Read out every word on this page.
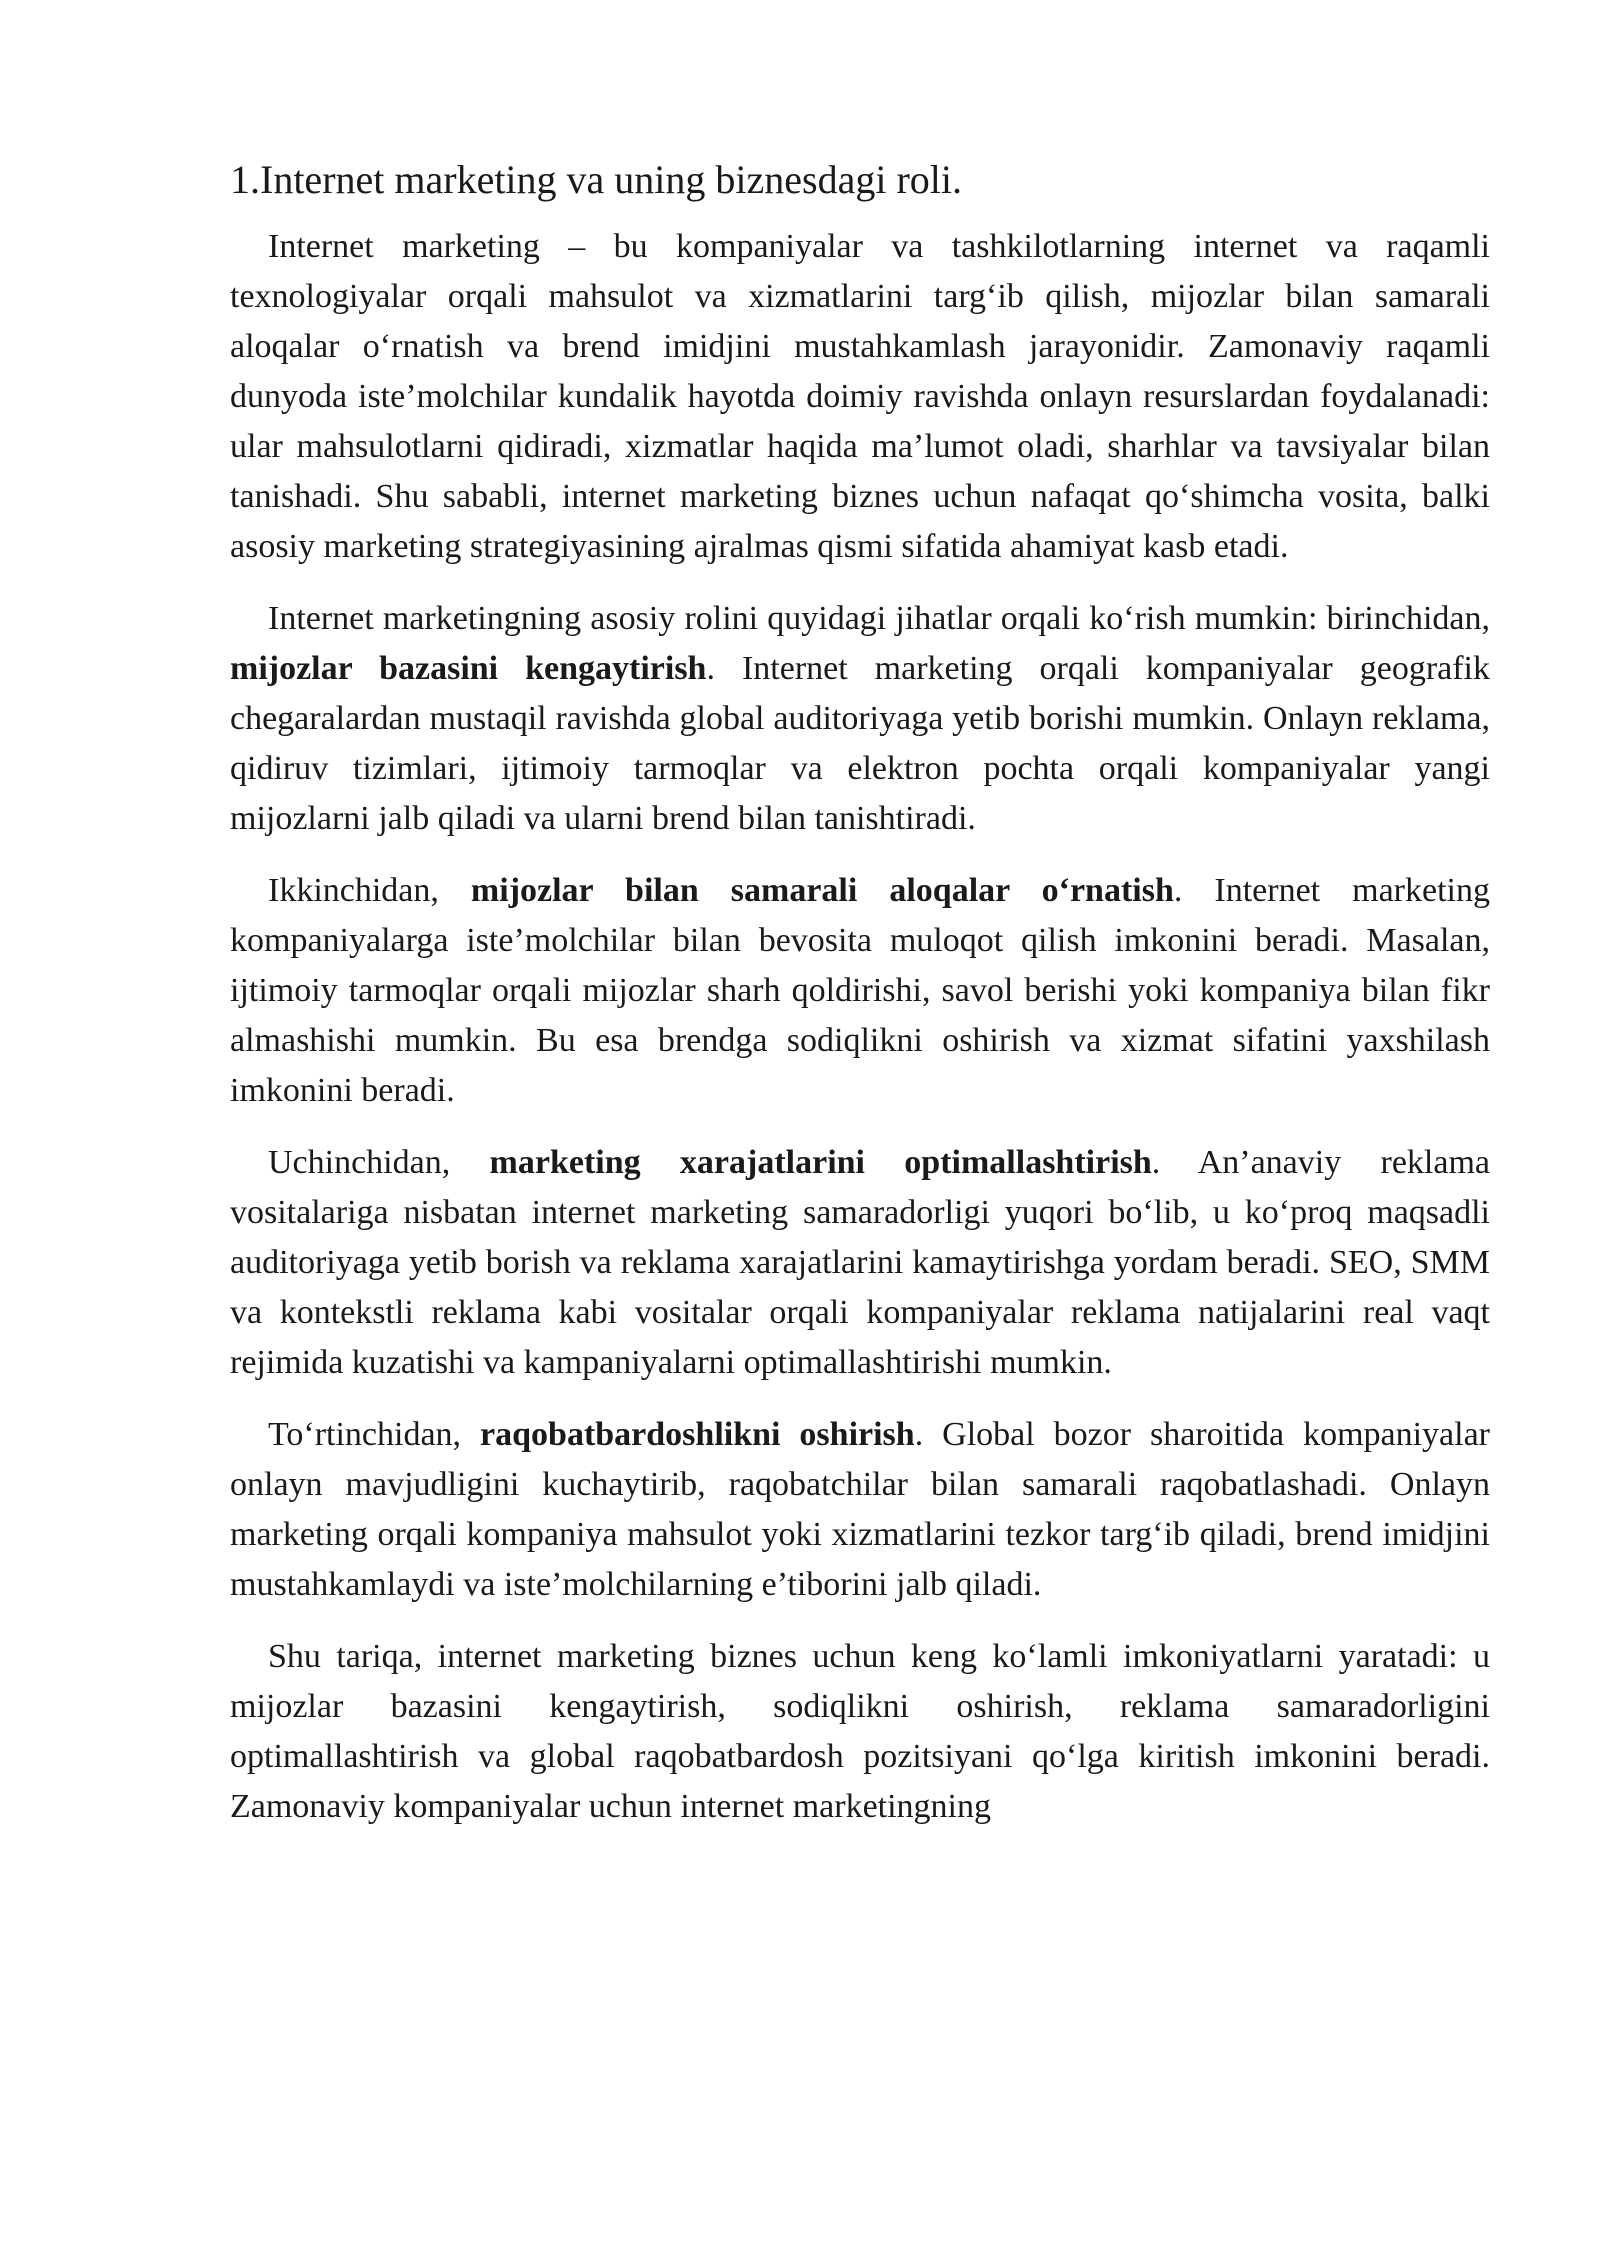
1.Internet marketing va uning biznesdagi roli.

Internet marketing – bu kompaniyalar va tashkilotlarning internet va raqamli texnologiyalar orqali mahsulot va xizmatlarini targ‘ib qilish, mijozlar bilan samarali aloqalar o‘rnatish va brend imidjini mustahkamlash jarayonidir. Zamonaviy raqamli dunyoda iste’molchilar kundalik hayotda doimiy ravishda onlayn resurslardan foydalanadi: ular mahsulotlarni qidiradi, xizmatlar haqida ma’lumot oladi, sharhlar va tavsiyalar bilan tanishadi. Shu sababli, internet marketing biznes uchun nafaqat qo‘shimcha vosita, balki asosiy marketing strategiyasining ajralmas qismi sifatida ahamiyat kasb etadi.

Internet marketingning asosiy rolini quyidagi jihatlar orqali ko‘rish mumkin: birinchidan, mijozlar bazasini kengaytirish. Internet marketing orqali kompaniyalar geografik chegaralardan mustaqil ravishda global auditoriyaga yetib borishi mumkin. Onlayn reklama, qidiruv tizimlari, ijtimoiy tarmoqlar va elektron pochta orqali kompaniyalar yangi mijozlarni jalb qiladi va ularni brend bilan tanishtiradi.

Ikkinchidan, mijozlar bilan samarali aloqalar o‘rnatish. Internet marketing kompaniyalarga iste’molchilar bilan bevosita muloqot qilish imkonini beradi. Masalan, ijtimoiy tarmoqlar orqali mijozlar sharh qoldirishi, savol berishi yoki kompaniya bilan fikr almashishi mumkin. Bu esa brendga sodiqlikni oshirish va xizmat sifatini yaxshilash imkonini beradi.

Uchinchidan, marketing xarajatlarini optimallashtirish. An’anaviy reklama vositalariga nisbatan internet marketing samaradorligi yuqori bo‘lib, u ko‘proq maqsadli auditoriyaga yetib borish va reklama xarajatlarini kamaytirishga yordam beradi. SEO, SMM va kontekstli reklama kabi vositalar orqali kompaniyalar reklama natijalarini real vaqt rejimida kuzatishi va kampaniyalarni optimallashtirishi mumkin.

To‘rtinchidan, raqobatbardoshlikni oshirish. Global bozor sharoitida kompaniyalar onlayn mavjudligini kuchaytirib, raqobatchilar bilan samarali raqobatlashadi. Onlayn marketing orqali kompaniya mahsulot yoki xizmatlarini tezkor targ‘ib qiladi, brend imidjini mustahkamlaydi va iste’molchilarning e’tiborini jalb qiladi.

Shu tariqa, internet marketing biznes uchun keng ko‘lamli imkoniyatlarni yaratadi: u mijozlar bazasini kengaytirish, sodiqlikni oshirish, reklama samaradorligini optimallashtirish va global raqobatbardosh pozitsiyani qo‘lga kiritish imkonini beradi. Zamonaviy kompaniyalar uchun internet marketingning
